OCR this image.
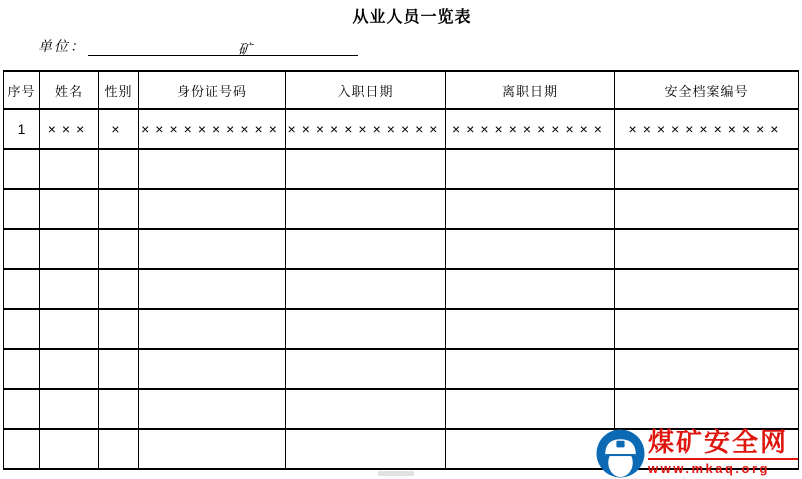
从业人员一览表
单位：	矿
序号	姓名	性别	身份证号码	入职日期	离职日期	安全档案编号
1	×××	×	××××××××××	×××××××××××	×××××××××××	×××××××××××

煤矿安全网
www.mkaq.org
